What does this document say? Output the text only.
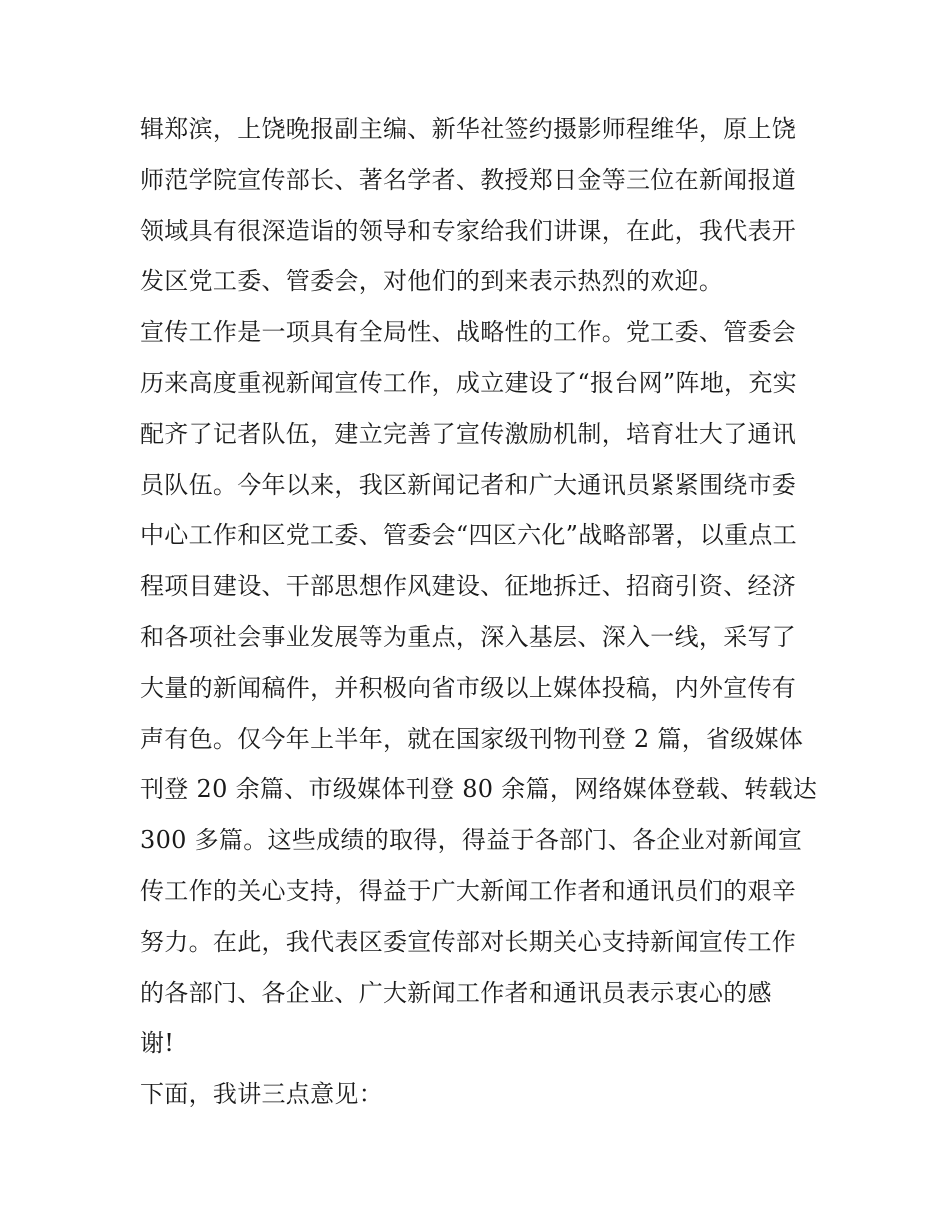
辑郑滨，上饶晚报副主编、新华社签约摄影师程维华，原上饶
师范学院宣传部长、著名学者、教授郑日金等三位在新闻报道
领域具有很深造诣的领导和专家给我们讲课，在此，我代表开
发区党工委、管委会，对他们的到来表示热烈的欢迎。
宣传工作是一项具有全局性、战略性的工作。党工委、管委会
历来高度重视新闻宣传工作，成立建设了“报台网”阵地，充实
配齐了记者队伍，建立完善了宣传激励机制，培育壮大了通讯
员队伍。今年以来，我区新闻记者和广大通讯员紧紧围绕市委
中心工作和区党工委、管委会“四区六化”战略部署，以重点工
程项目建设、干部思想作风建设、征地拆迁、招商引资、经济
和各项社会事业发展等为重点，深入基层、深入一线，采写了
大量的新闻稿件，并积极向省市级以上媒体投稿，内外宣传有
声有色。仅今年上半年，就在国家级刊物刊登 2 篇，省级媒体
刊登 20 余篇、市级媒体刊登 80 余篇，网络媒体登载、转载达
300 多篇。这些成绩的取得，得益于各部门、各企业对新闻宣
传工作的关心支持，得益于广大新闻工作者和通讯员们的艰辛
努力。在此，我代表区委宣传部对长期关心支持新闻宣传工作
的各部门、各企业、广大新闻工作者和通讯员表示衷心的感
谢!
下面，我讲三点意见：
